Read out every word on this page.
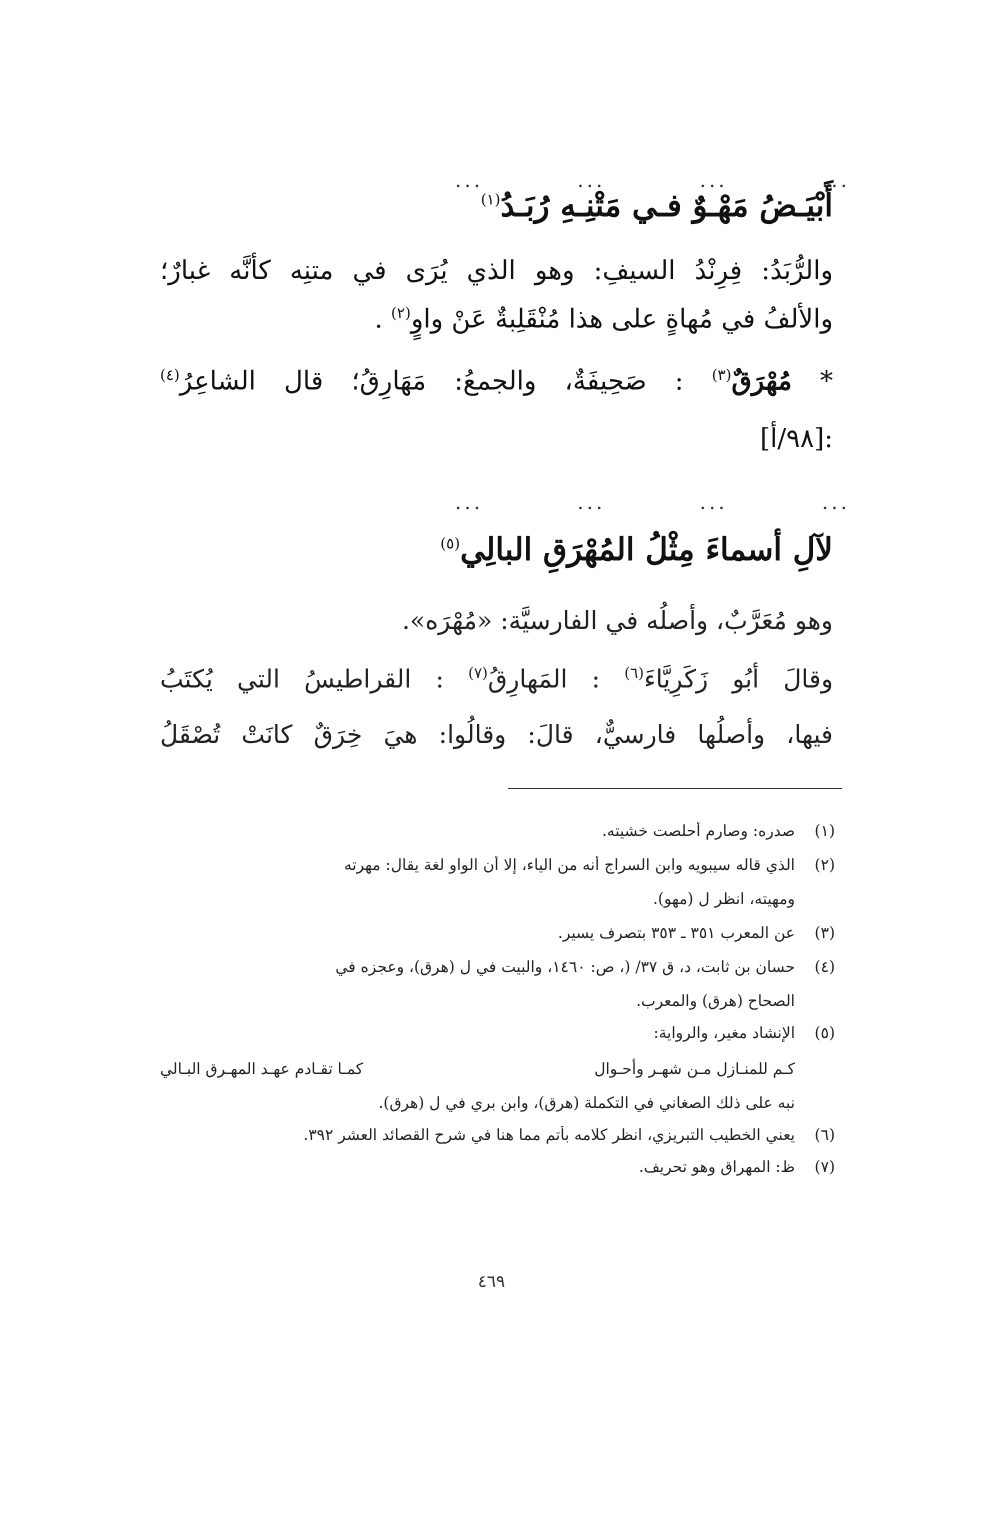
...	...	...	...
أَبْيَـضُ مَهْـوٌ فـي مَتْنِـهِ رُبَـدُ$^{(١)}$
والرُّبَدُ: فِرِنْدُ السيفِ: وهو الذي يُرَى في متنِه كأنَّه غبارٌ؛
والألفُ في مُهاةٍ على هذا مُنْقَلِبةٌ عَنْ واوٍ$^{(٢)}$ .
* مُهْرَقٌ$^{(٣)}$ : صَحِيفَةٌ، والجمعُ: مَهَارِقُ؛ قال الشاعِرُ$^{(٤)}$
:[٩٨/أ]
...	...	...	...
لآلِ أسماءَ مِثْلُ المُهْرَقِ البالِي$^{(٥)}$
وهو مُعَرَّبٌ، وأصلُه في الفارسيَّة: «مُهْرَه».
وقالَ أبُو زَكَرِيَّاءَ$^{(٦)}$ : المَهارِقُ$^{(٧)}$ : القراطيسُ التي يُكتَبُ
فيها، وأصلُها فارسيٌّ، قالَ: وقالُوا: هيَ خِرَقٌ كانَتْ تُصْقَلُ
(١)
صدره: وصارم أحلصت خشيته.
(٢)
الذي قاله سيبويه وابن السراج أنه من الياء، إلا أن الواو لغة يقال: مهرته
ومهيته، انظر ل (مهو).
(٣)
عن المعرب ٣٥١ ـ ٣٥٣ بتصرف يسير.
(٤)
حسان بن ثابت، د، ق ٣٧/ (، ص: ١٤٦٠، والبيت في ل (هرق)، وعجزه في
الصحاح (هرق) والمعرب.
(٥)
الإنشاد مغير، والرواية:
كـم للمنـازل مـن شهـر وأحـوال
كمـا تقـادم عهـد المهـرق البـالي
نبه على ذلك الصغاني في التكملة (هرق)، وابن بري في ل (هرق).
(٦)
يعني الخطيب التبريزي، انظر كلامه بأتم مما هنا في شرح القصائد العشر ٣٩٢.
(٧)
ظ: المهراق وهو تحريف.
٤٦٩
